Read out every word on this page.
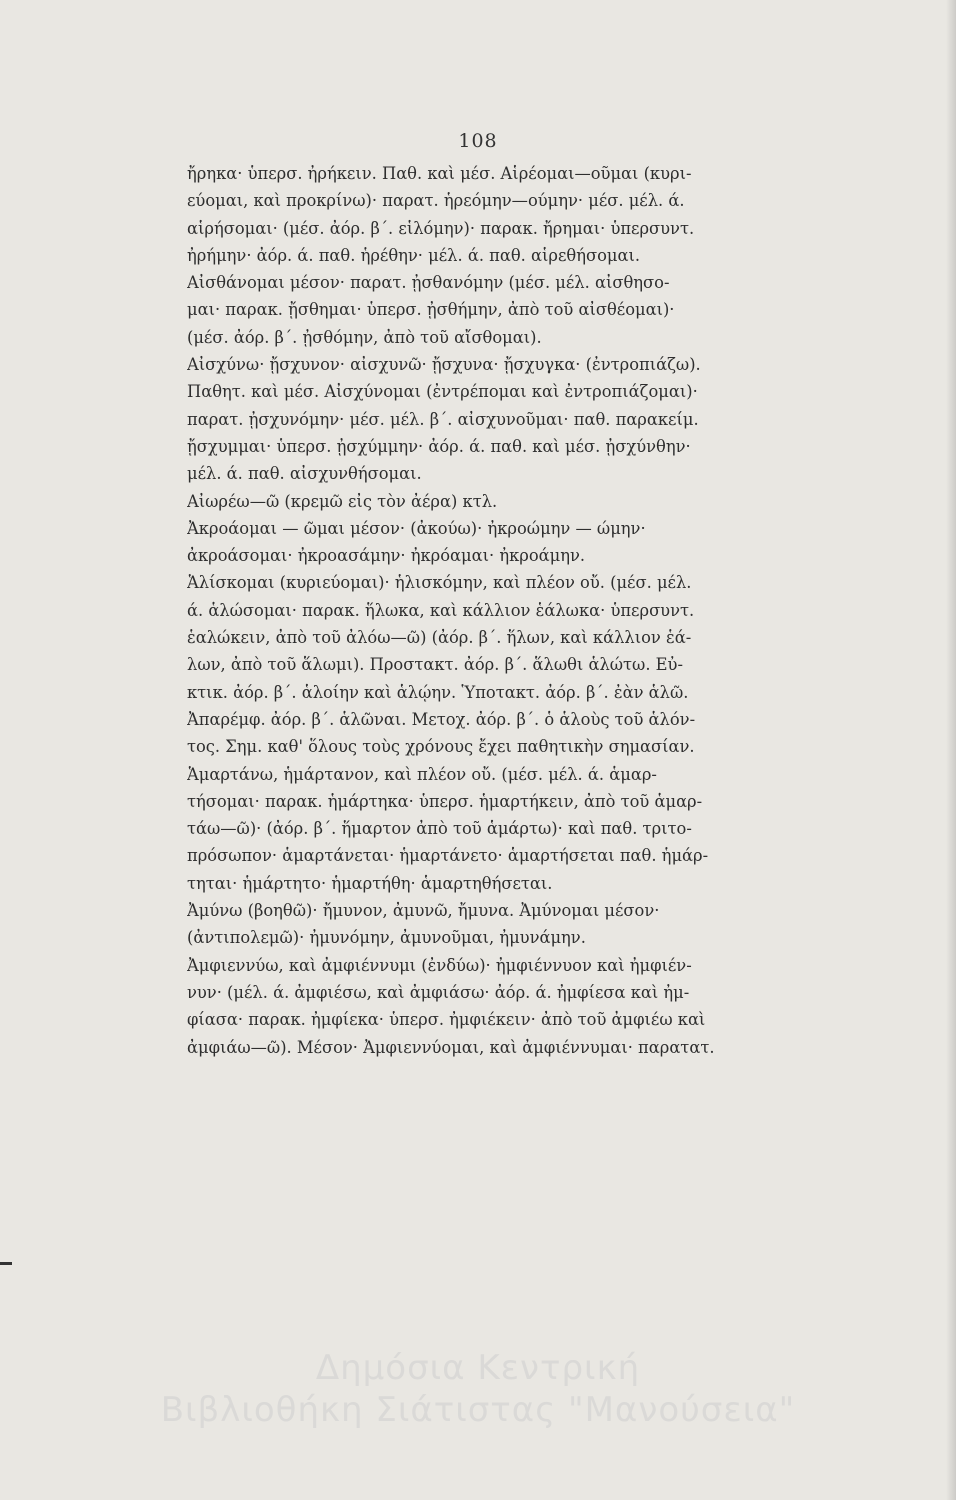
108
ἤρηκα· ὑπερσ. ἠρήκειν. Παθ. καὶ μέσ. Αἱρέομαι—οῦμαι (κυρι-
εύομαι, καὶ προκρίνω)· παρατ. ἡρεόμην—ούμην· μέσ. μέλ. ά.
αἱρήσομαι· (μέσ. ἀόρ. β΄. εἱλόμην)· παρακ. ἤρημαι· ὑπερσυντ.
ἠρήμην· ἀόρ. ά. παθ. ἡρέθην· μέλ. ά. παθ. αἱρεθήσομαι.
Αἰσθάνομαι μέσον· παρατ. ᾐσθανόμην (μέσ. μέλ. αἰσθησο-
μαι· παρακ. ᾔσθημαι· ὑπερσ. ᾐσθήμην, ἀπὸ τοῦ αἰσθέομαι)·
(μέσ. ἀόρ. β΄. ᾐσθόμην, ἀπὸ τοῦ αἴσθομαι).
Αἰσχύνω· ᾔσχυνον· αἰσχυνῶ· ᾔσχυνα· ᾔσχυγκα· (ἐντροπιάζω).
Παθητ. καὶ μέσ. Αἰσχύνομαι (ἐντρέπομαι καὶ ἐντροπιάζομαι)·
παρατ. ᾐσχυνόμην· μέσ. μέλ. β΄. αἰσχυνοῦμαι· παθ. παρακείμ.
ᾔσχυμμαι· ὑπερσ. ᾐσχύμμην· ἀόρ. ά. παθ. καὶ μέσ. ᾐσχύνθην·
μέλ. ά. παθ. αἰσχυνθήσομαι.
Αἰωρέω—ῶ (κρεμῶ εἰς τὸν ἀέρα) κτλ.
Ἀκροάομαι — ῶμαι μέσον· (ἀκούω)· ἠκροώμην — ώμην·
ἀκροάσομαι· ἠκροασάμην· ἠκρόαμαι· ἠκροάμην.
Ἁλίσκομαι (κυριεύομαι)· ἡλισκόμην, καὶ πλέον οὔ. (μέσ. μέλ.
ά. ἁλώσομαι· παρακ. ἥλωκα, καὶ κάλλιον ἑάλωκα· ὑπερσυντ.
ἑαλώκειν, ἀπὸ τοῦ ἀλόω—ῶ) (ἀόρ. β΄. ἥλων, καὶ κάλλιον ἑά-
λων, ἀπὸ τοῦ ἅλωμι). Προστακτ. ἀόρ. β΄. ἅλωθι ἁλώτω. Εὐ-
κτικ. ἀόρ. β΄. ἁλοίην καὶ ἁλῴην. Ὑποτακτ. ἀόρ. β΄. ἐὰν ἁλῶ.
Ἀπαρέμφ. ἀόρ. β΄. ἁλῶναι. Μετοχ. ἀόρ. β΄. ὁ ἁλοὺς τοῦ ἁλόν-
τος. Σημ. καθ' ὅλους τοὺς χρόνους ἔχει παθητικὴν σημασίαν.
Ἁμαρτάνω, ἡμάρτανον, καὶ πλέον οὔ. (μέσ. μέλ. ά. ἁμαρ-
τήσομαι· παρακ. ἡμάρτηκα· ὑπερσ. ἡμαρτήκειν, ἀπὸ τοῦ ἁμαρ-
τάω—ῶ)· (ἀόρ. β΄. ἥμαρτον ἀπὸ τοῦ ἁμάρτω)· καὶ παθ. τριτο-
πρόσωπον· ἁμαρτάνεται· ἡμαρτάνετο· ἁμαρτήσεται παθ. ἡμάρ-
τηται· ἡμάρτητο· ἡμαρτήθη· ἁμαρτηθήσεται.
Ἀμύνω (βοηθῶ)· ἤμυνον, ἀμυνῶ, ἤμυνα. Ἀμύνομαι μέσον·
(ἀντιπολεμῶ)· ἠμυνόμην, ἀμυνοῦμαι, ἠμυνάμην.
Ἀμφιεννύω, καὶ ἀμφιέννυμι (ἐνδύω)· ἠμφιέννυον καὶ ἠμφιέν-
νυν· (μέλ. ά. ἀμφιέσω, καὶ ἀμφιάσω· ἀόρ. ά. ἠμφίεσα καὶ ἠμ-
φίασα· παρακ. ἠμφίεκα· ὑπερσ. ἠμφιέκειν· ἀπὸ τοῦ ἀμφιέω καὶ
ἀμφιάω—ῶ). Μέσον· Ἀμφιεννύομαι, καὶ ἀμφιέννυμαι· παρατατ.
Δημόσια Κεντρική
Βιβλιοθήκη Σιάτιστας "Μανούσεια"
